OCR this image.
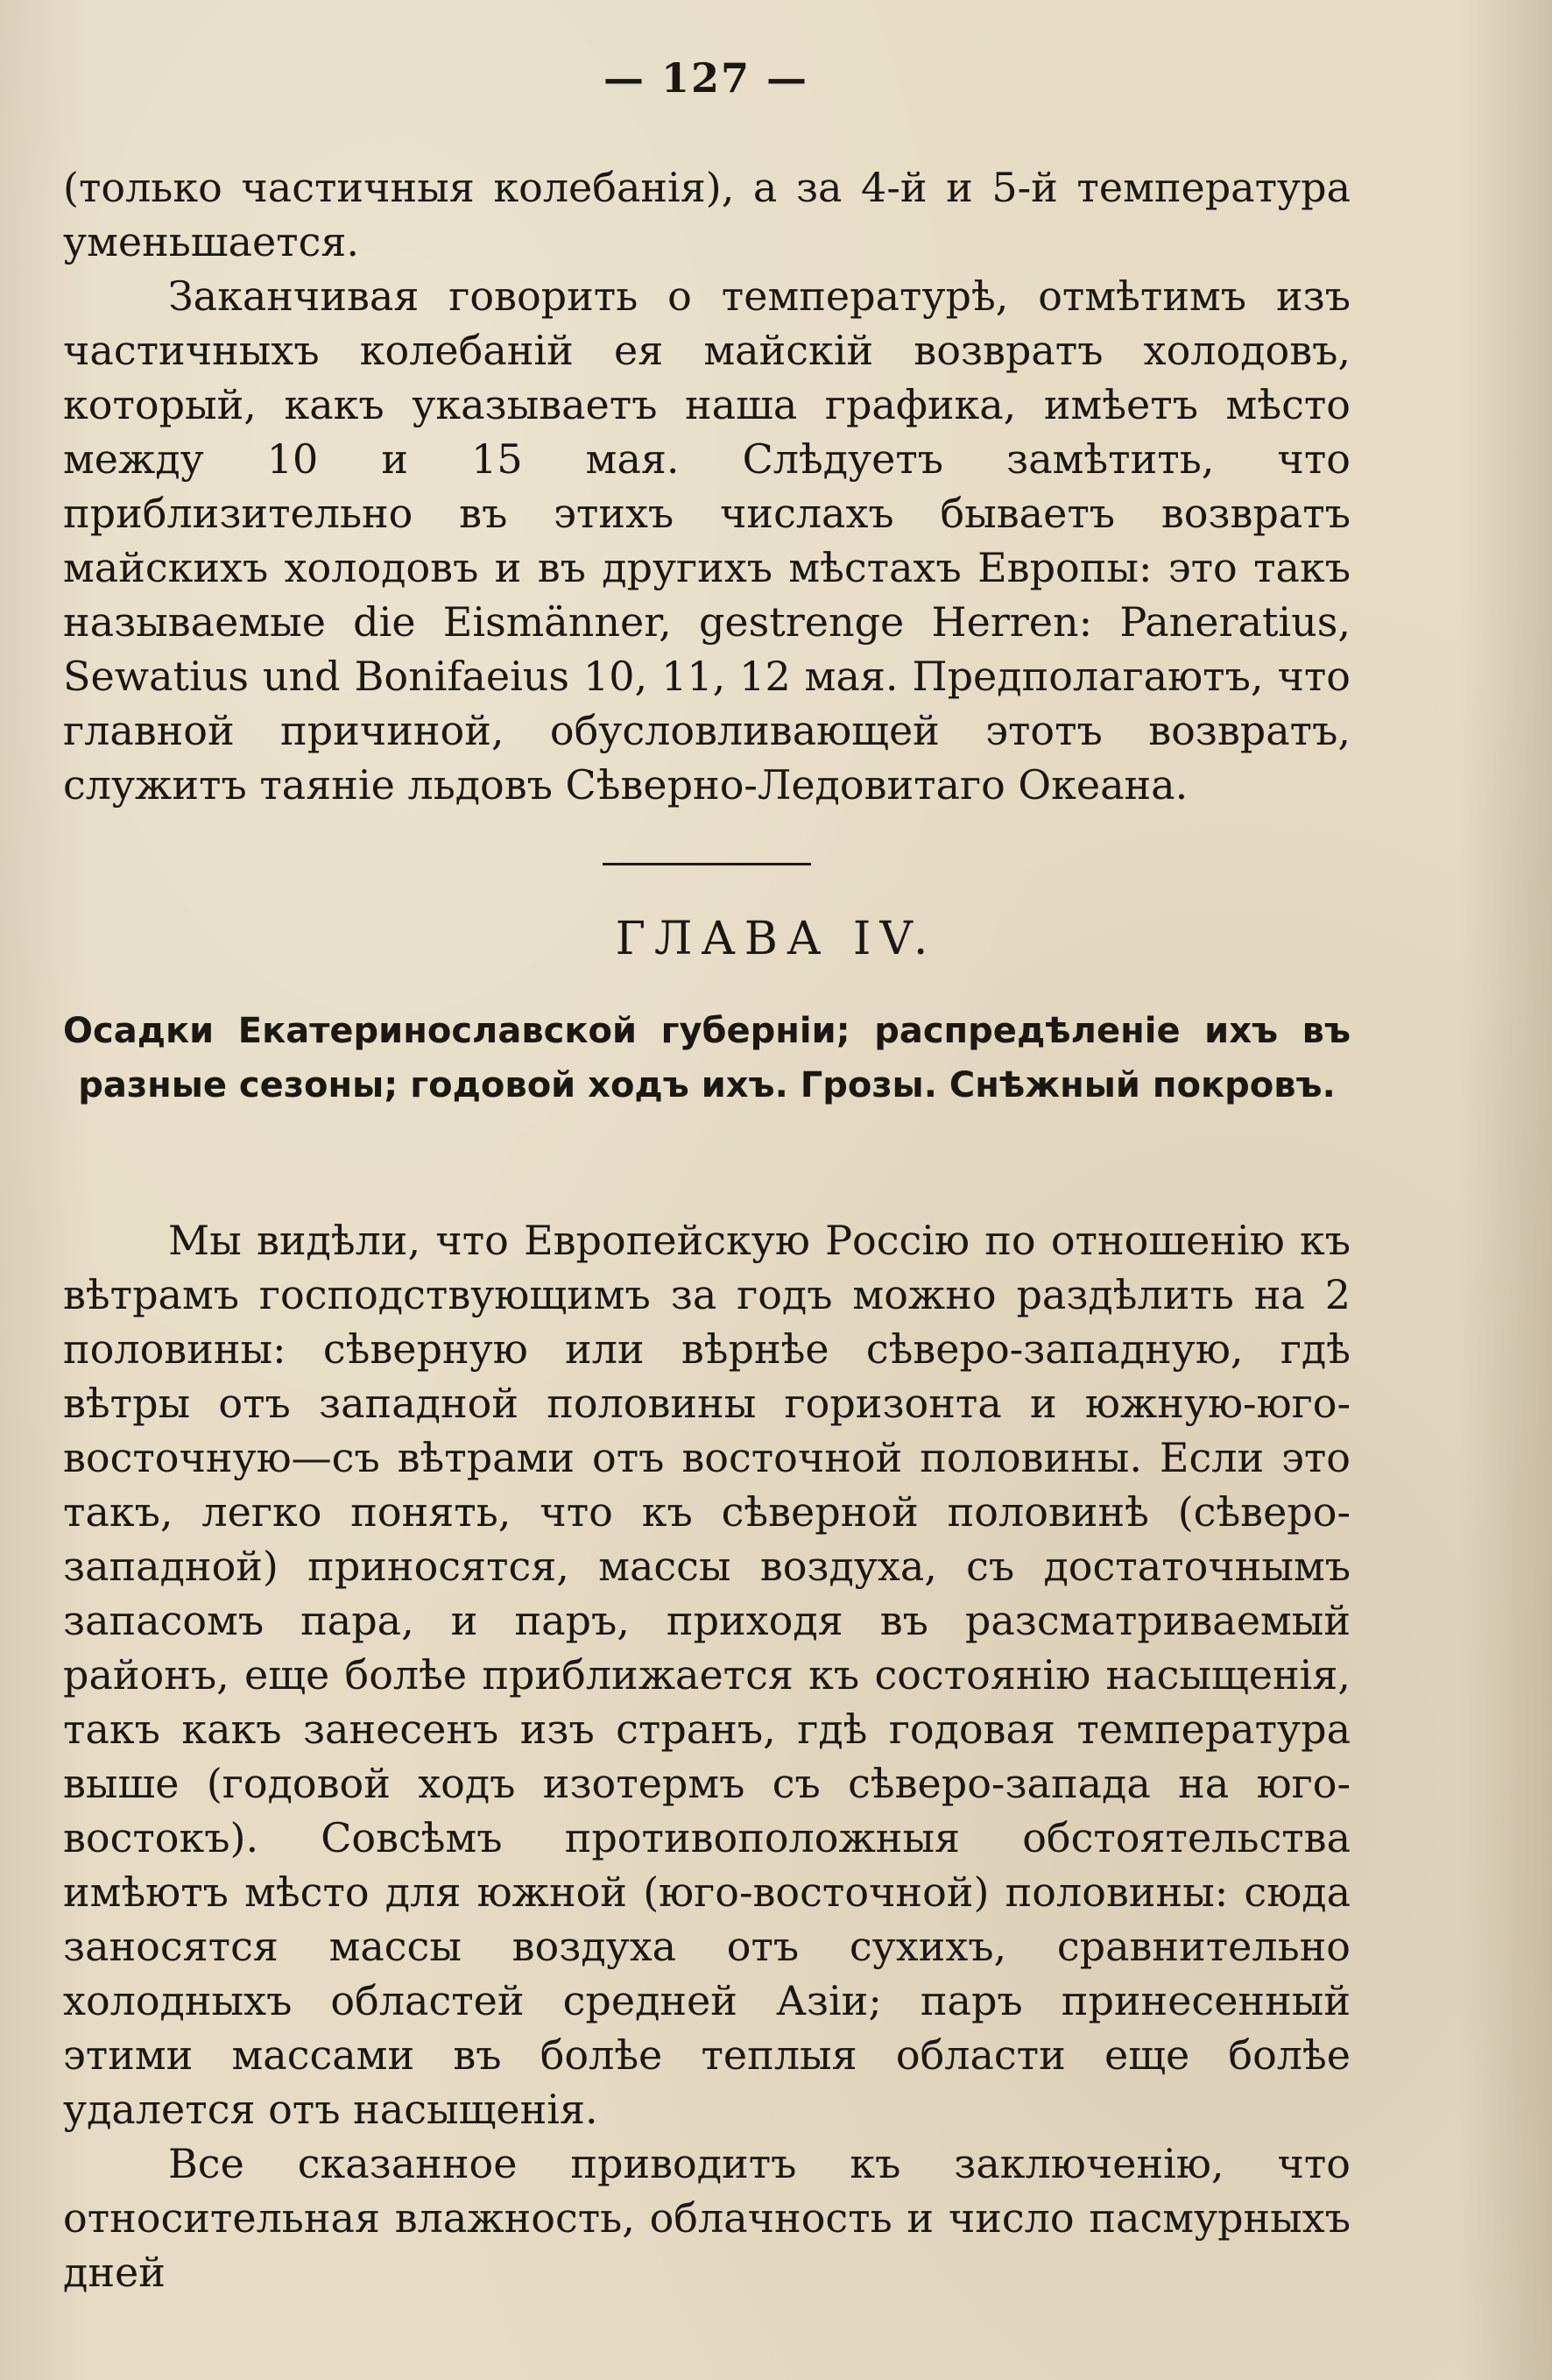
— 127 —

(только частичныя колебанія), а за 4-й и 5-й температура уменьшается.

Заканчивая говорить о температурѣ, отмѣтимъ изъ частичныхъ колебаній ея майскій возвратъ холодовъ, который, какъ указываетъ наша графика, имѣетъ мѣсто между 10 и 15 мая. Слѣдуетъ замѣтить, что приблизительно въ этихъ числахъ бываетъ возвратъ майскихъ холодовъ и въ другихъ мѣстахъ Европы: это такъ называемые die Eismänner, gestrenge Herren: Paneratius, Sewatius und Bonifaeius 10, 11, 12 мая. Предполагаютъ, что главной причиной, обусловливающей этотъ возвратъ, служитъ таяніе льдовъ Сѣверно-Ледовитаго Океана.

ГЛАВА IV.
Осадки Екатеринославской губерніи; распредѣленіе ихъ въ разные сезоны; годовой ходъ ихъ. Грозы. Снѣжный покровъ.

Мы видѣли, что Европейскую Россію по отношенію къ вѣтрамъ господствующимъ за годъ можно раздѣлить на 2 половины: сѣверную или вѣрнѣе сѣверо-западную, гдѣ вѣтры отъ западной половины горизонта и южную-юго-восточную—съ вѣтрами отъ восточной половины. Если это такъ, легко понять, что къ сѣверной половинѣ (сѣверо-западной) приносятся, массы воздуха, съ достаточнымъ запасомъ пара, и паръ, приходя въ разсматриваемый районъ, еще болѣе приближается къ состоянію насыщенія, такъ какъ занесенъ изъ странъ, гдѣ годовая температура выше (годовой ходъ изотермъ съ сѣверо-запада на юго-востокъ). Совсѣмъ противоположныя обстоятельства имѣютъ мѣсто для южной (юго-восточной) половины: сюда заносятся массы воздуха отъ сухихъ, сравнительно холодныхъ областей средней Азіи; паръ принесенный этими массами въ болѣе теплыя области еще болѣе удалется отъ насыщенія.

Все сказанное приводитъ къ заключенію, что относительная влажность, облачность и число пасмурныхъ дней
